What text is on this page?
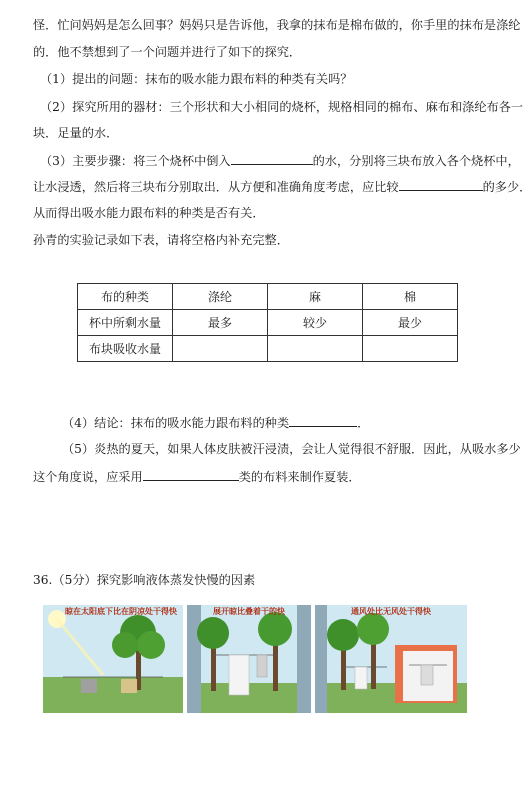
怪．忙问妈妈是怎么回事？妈妈只是告诉他，我拿的抹布是棉布做的，你手里的抹布是涤纶
的．他不禁想到了一个问题并进行了如下的探究．
（1）提出的问题：抹布的吸水能力跟布料的种类有关吗？
（2）探究所用的器材：三个形状和大小相同的烧杯，规格相同的棉布、麻布和涤纶布各一
块．足量的水．
（3）主要步骤：将三个烧杯中倒入	的水，分别将三块布放入各个烧杯中，
让水浸透，然后将三块布分别取出．从方便和准确角度考虑，应比较	的多少．
从而得出吸水能力跟布料的种类是否有关．
孙青的实验记录如下表，请将空格内补充完整．
布的种类	涤纶	麻	棉
杯中所剩水量	最多	较少	最少
布块吸收水量			
（4）结论：抹布的吸水能力跟布料的种类	．
（5）炎热的夏天，如果人体皮肤被汗浸渍，会让人觉得很不舒服．因此，从吸水多少
这个角度说，应采用	类的布料来制作夏装．
36.（5分）探究影响液体蒸发快慢的因素
晾在太阳底下比在阴凉处干得快	展开晾比叠着干的快	通风处比无风处干得快
